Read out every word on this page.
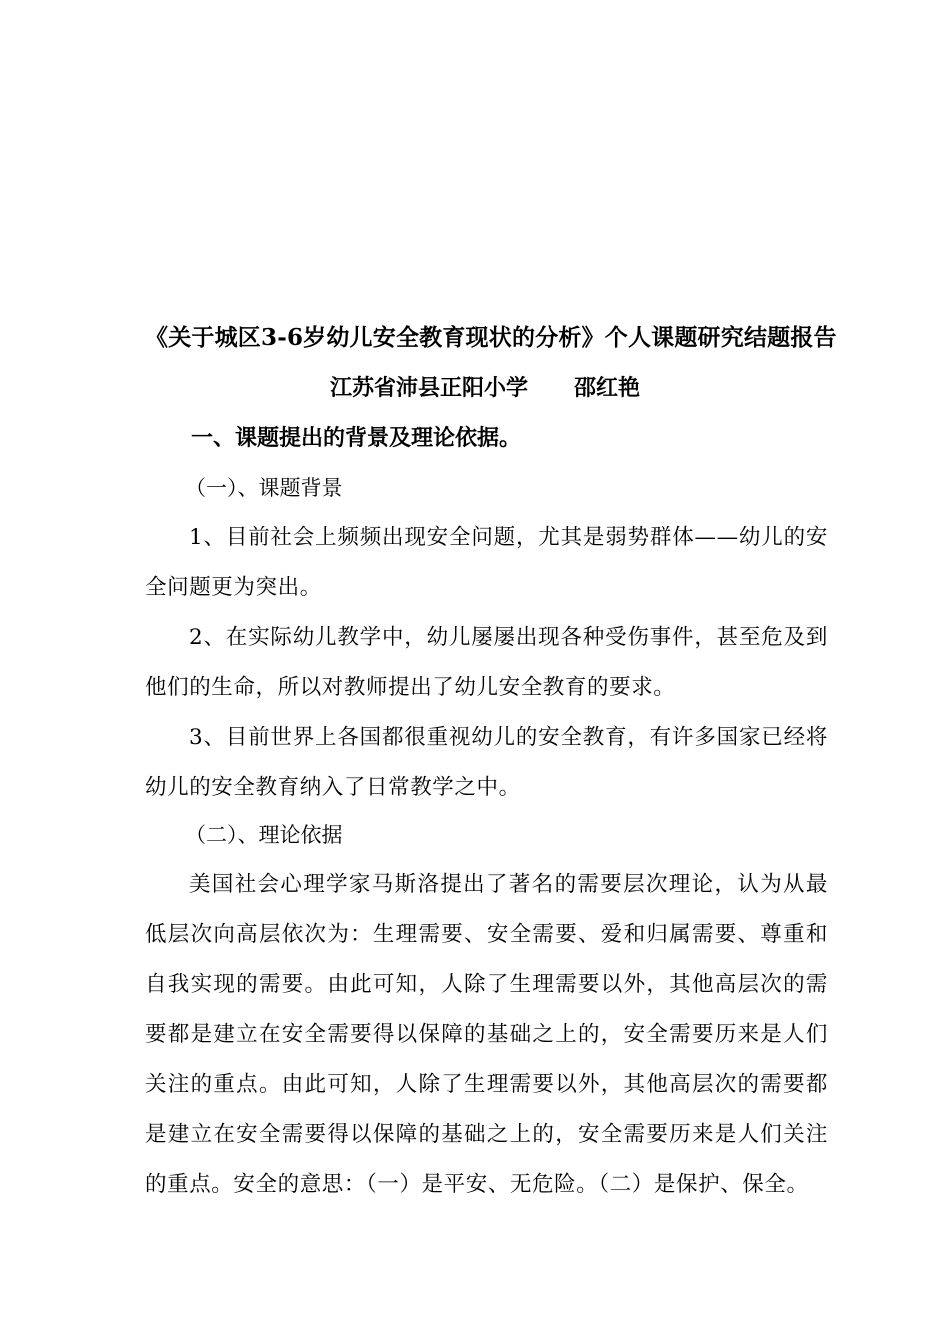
《关于城区3-6岁幼儿安全教育现状的分析》个人课题研究结题报告
江苏省沛县正阳小学 邵红艳
一、课题提出的背景及理论依据。
（一）、课题背景

1、目前社会上频频出现安全问题，尤其是弱势群体——幼儿的安全问题更为突出。

2、在实际幼儿教学中，幼儿屡屡出现各种受伤事件，甚至危及到他们的生命，所以对教师提出了幼儿安全教育的要求。

3、目前世界上各国都很重视幼儿的安全教育，有许多国家已经将幼儿的安全教育纳入了日常教学之中。

（二）、理论依据

美国社会心理学家马斯洛提出了著名的需要层次理论，认为从最低层次向高层依次为：生理需要、安全需要、爱和归属需要、尊重和自我实现的需要。由此可知，人除了生理需要以外，其他高层次的需要都是建立在安全需要得以保障的基础之上的，安全需要历来是人们关注的重点。由此可知，人除了生理需要以外，其他高层次的需要都是建立在安全需要得以保障的基础之上的，安全需要历来是人们关注的重点。安全的意思：（一）是平安、无危险。（二）是保护、保全。
